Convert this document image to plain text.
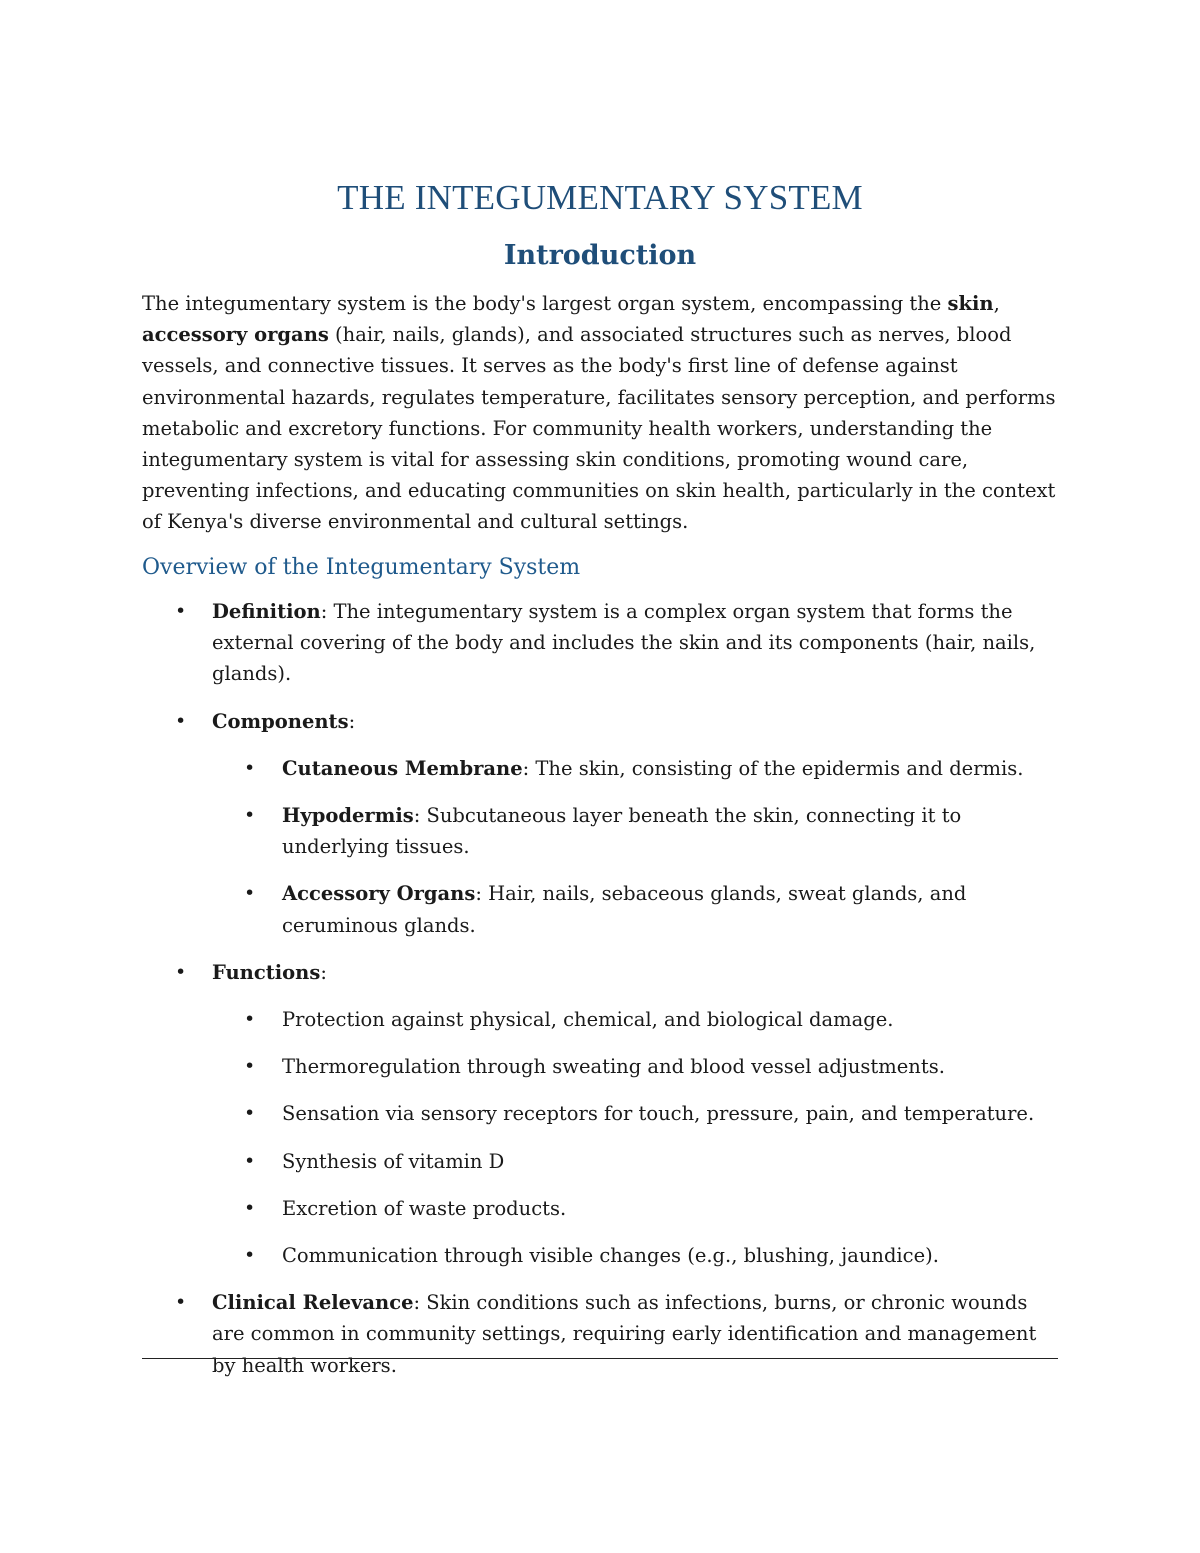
THE INTEGUMENTARY SYSTEM
Introduction

The integumentary system is the body's largest organ system, encompassing the skin, accessory organs (hair, nails, glands), and associated structures such as nerves, blood vessels, and connective tissues. It serves as the body's first line of defense against environmental hazards, regulates temperature, facilitates sensory perception, and performs metabolic and excretory functions. For community health workers, understanding the integumentary system is vital for assessing skin conditions, promoting wound care, preventing infections, and educating communities on skin health, particularly in the context of Kenya's diverse environmental and cultural settings.

Overview of the Integumentary System
• Definition: The integumentary system is a complex organ system that forms the external covering of the body and includes the skin and its components (hair, nails, glands).
• Components:
• Cutaneous Membrane: The skin, consisting of the epidermis and dermis.
• Hypodermis: Subcutaneous layer beneath the skin, connecting it to underlying tissues.
• Accessory Organs: Hair, nails, sebaceous glands, sweat glands, and ceruminous glands.
• Functions:
• Protection against physical, chemical, and biological damage.
• Thermoregulation through sweating and blood vessel adjustments.
• Sensation via sensory receptors for touch, pressure, pain, and temperature.
• Synthesis of vitamin D
• Excretion of waste products.
• Communication through visible changes (e.g., blushing, jaundice).
• Clinical Relevance: Skin conditions such as infections, burns, or chronic wounds are common in community settings, requiring early identification and management by health workers.
